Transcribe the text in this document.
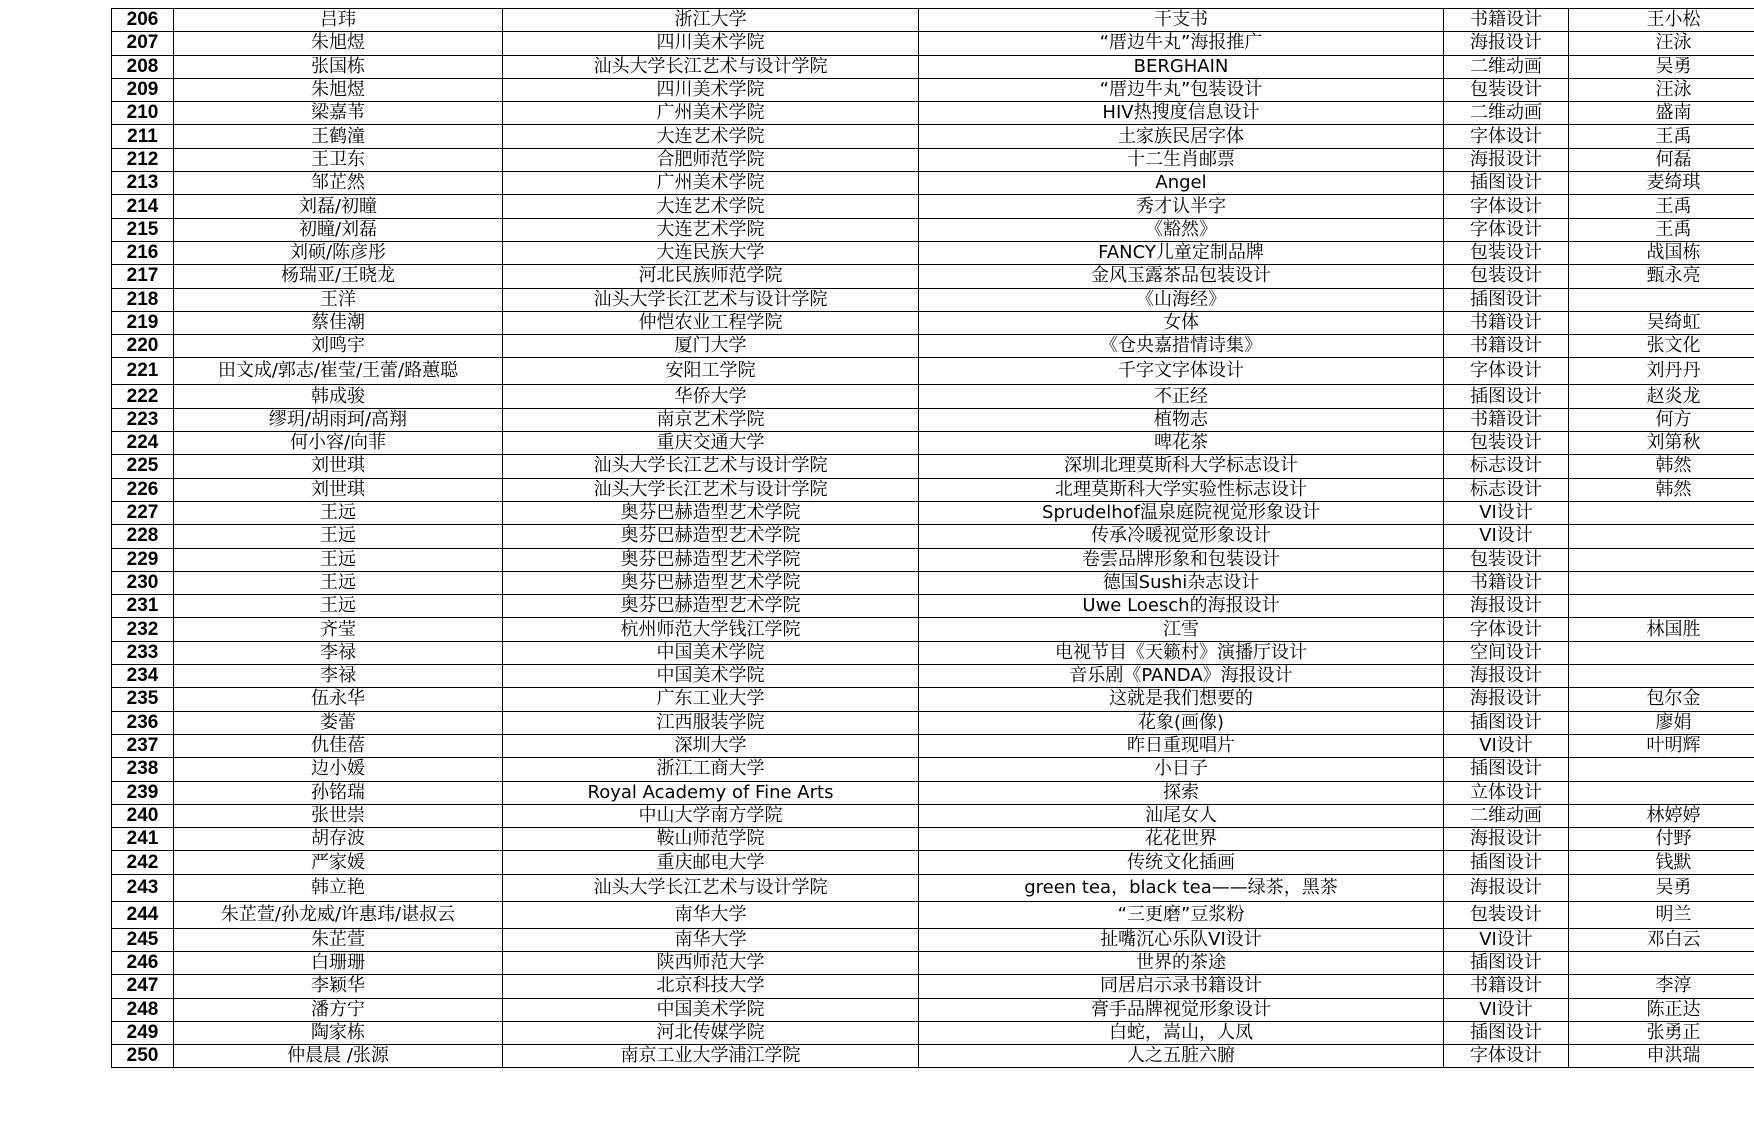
206	吕玮	浙江大学	干支书	书籍设计	王小松
207	朱旭煜	四川美术学院	“厝边牛丸”海报推广	海报设计	汪泳
208	张国栋	汕头大学长江艺术与设计学院	BERGHAIN	二维动画	吴勇
209	朱旭煜	四川美术学院	“厝边牛丸”包装设计	包装设计	汪泳
210	梁嘉苇	广州美术学院	HIV热搜度信息设计	二维动画	盛南
211	王鹤潼	大连艺术学院	土家族民居字体	字体设计	王禹
212	王卫东	合肥师范学院	十二生肖邮票	海报设计	何磊
213	邹芷然	广州美术学院	Angel	插图设计	麦绮琪
214	刘磊/初瞳	大连艺术学院	秀才认半字	字体设计	王禹
215	初瞳/刘磊	大连艺术学院	《豁然》	字体设计	王禹
216	刘硕/陈彦彤	大连民族大学	FANCY儿童定制品牌	包装设计	战国栋
217	杨瑞亚/王晓龙	河北民族师范学院	金风玉露茶品包装设计	包装设计	甄永亮
218	王洋	汕头大学长江艺术与设计学院	《山海经》	插图设计	
219	蔡佳潮	仲恺农业工程学院	女体	书籍设计	吴绮虹
220	刘鸣宇	厦门大学	《仓央嘉措情诗集》	书籍设计	张文化
221	田文成/郭志/崔莹/王蕾/路蕙聪	安阳工学院	千字文字体设计	字体设计	刘丹丹
222	韩成骏	华侨大学	不正经	插图设计	赵炎龙
223	缪玥/胡雨珂/高翔	南京艺术学院	植物志	书籍设计	何方
224	何小容/向菲	重庆交通大学	啤花茶	包装设计	刘第秋
225	刘世琪	汕头大学长江艺术与设计学院	深圳北理莫斯科大学标志设计	标志设计	韩然
226	刘世琪	汕头大学长江艺术与设计学院	北理莫斯科大学实验性标志设计	标志设计	韩然
227	王远	奥芬巴赫造型艺术学院	Sprudelhof温泉庭院视觉形象设计	VI设计	
228	王远	奥芬巴赫造型艺术学院	传承冷暖视觉形象设计	VI设计	
229	王远	奥芬巴赫造型艺术学院	卷雲品牌形象和包装设计	包装设计	
230	王远	奥芬巴赫造型艺术学院	德国Sushi杂志设计	书籍设计	
231	王远	奥芬巴赫造型艺术学院	Uwe Loesch的海报设计	海报设计	
232	齐莹	杭州师范大学钱江学院	江雪	字体设计	林国胜
233	李禄	中国美术学院	电视节目《天籁村》演播厅设计	空间设计	
234	李禄	中国美术学院	音乐剧《PANDA》海报设计	海报设计	
235	伍永华	广东工业大学	这就是我们想要的	海报设计	包尔金
236	娄蕾	江西服装学院	花象(画像)	插图设计	廖娟
237	仇佳蓓	深圳大学	昨日重现唱片	VI设计	叶明辉
238	边小媛	浙江工商大学	小日子	插图设计	
239	孙铭瑞	Royal Academy of Fine Arts	探索	立体设计	
240	张世崇	中山大学南方学院	汕尾女人	二维动画	林婷婷
241	胡存波	鞍山师范学院	花花世界	海报设计	付野
242	严家媛	重庆邮电大学	传统文化插画	插图设计	钱默
243	韩立艳	汕头大学长江艺术与设计学院	green tea，black tea——绿茶，黑茶	海报设计	吴勇
244	朱芷萱/孙龙威/许惠玮/谌叔云	南华大学	“三更磨”豆浆粉	包装设计	明兰
245	朱芷萱	南华大学	扯嘴沉心乐队VI设计	VI设计	邓白云
246	白珊珊	陕西师范大学	世界的茶途	插图设计	
247	李颖华	北京科技大学	同居启示录书籍设计	书籍设计	李淳
248	潘方宁	中国美术学院	膏手品牌视觉形象设计	VI设计	陈正达
249	陶家栋	河北传媒学院	白蛇，嵩山，人凤	插图设计	张勇正
250	仲晨晨 /张源	南京工业大学浦江学院	人之五脏六腑	字体设计	申洪瑞
